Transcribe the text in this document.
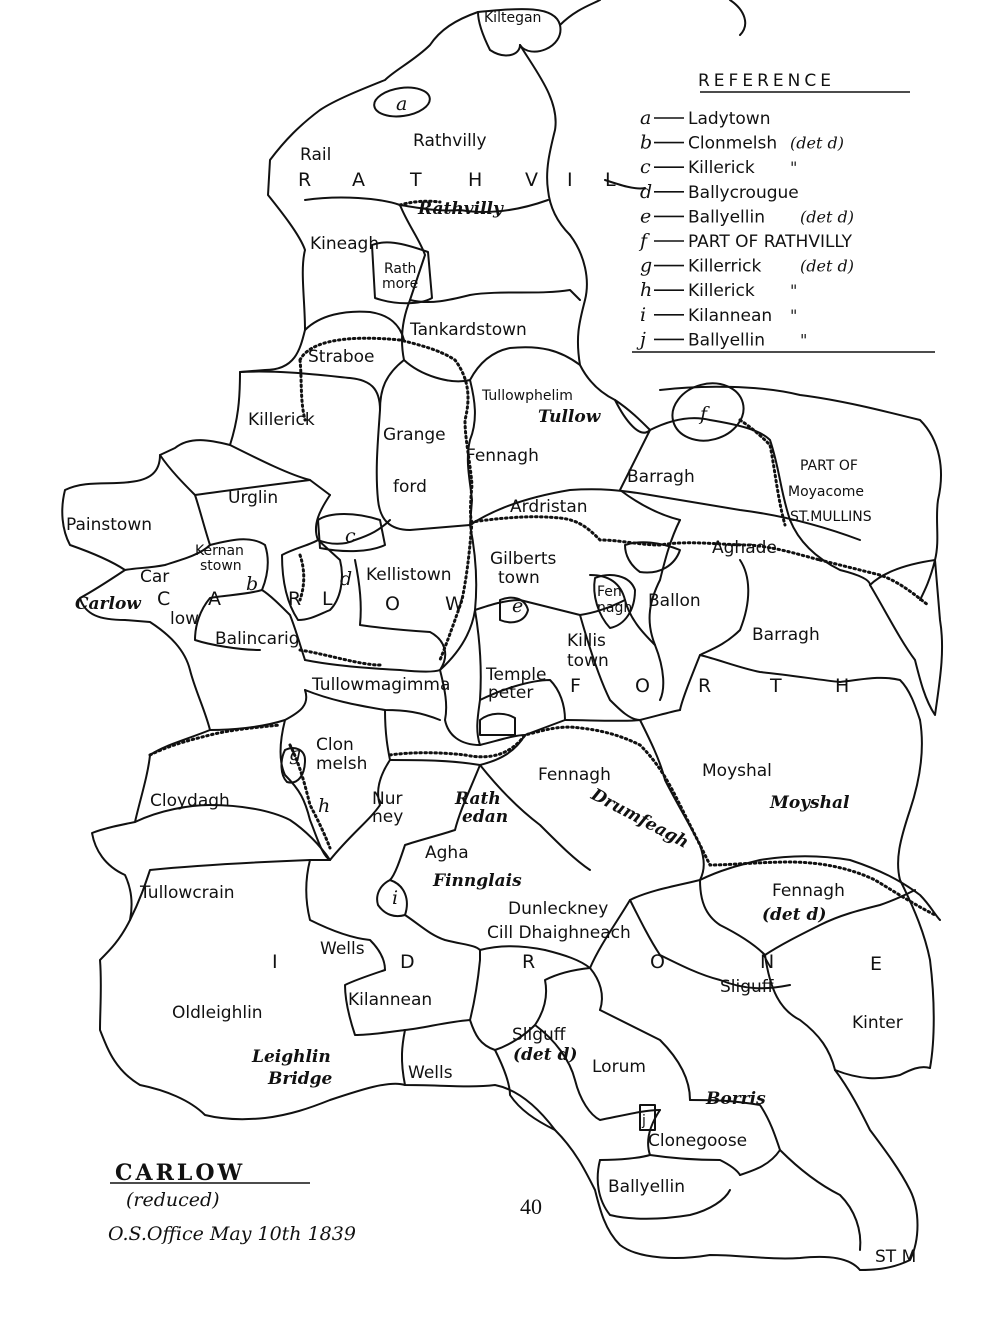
REFERENCE
a Ladytown
b Clonmelsh (det d)
c Killerick "
d Ballycrougue
e Ballyellin (det d)
f PART OF RATHVILLY
g Killerrick (det d)
h Killerick "
i Kilannean "
j Ballyellin "
R A T H V I L
C A	R L	O W
F	O R	T	H
I	D	R	O	N	E
Kiltegan
Rathvilly
Rathvilly
Rail
Kineagh
Rath
more
Tankardstown
Straboe
Killerick
Tullowphelim
Tullow
Grange
ford
Fennagh
Barragh
PART OF
Moyacome
ST.MULLINS
Urglin
Painstown
Kernan
stown
Car
low
Carlow
Ardristan
Aghade
Gilberts
town
Kellistown
Fen
nagh Ballon
Balincarig	Killis
town
Barragh
Tullowmagimma Temple
peter
Clon
melsh
Fennagh	Moyshal
Moyshal
Cloydagh	Nur
ney
Rath
edan	Drumfeagh
Agha
Finnglais
Tullowcrain
Dunleckney
Cill Dhaighneach
Fennagh
(det d)
Wells
Sliguff
Kinter
Oldleighlin
Kilannean
Leighlin
Bridge
Sliguff
(det d)
Lorum
Wells
Borris
Clonegoose
Ballyellin
ST M
a
b
c
d
e
f
g
h
i
j
CARLOW
(reduced)
O.S.Office May 10th 1839
40
